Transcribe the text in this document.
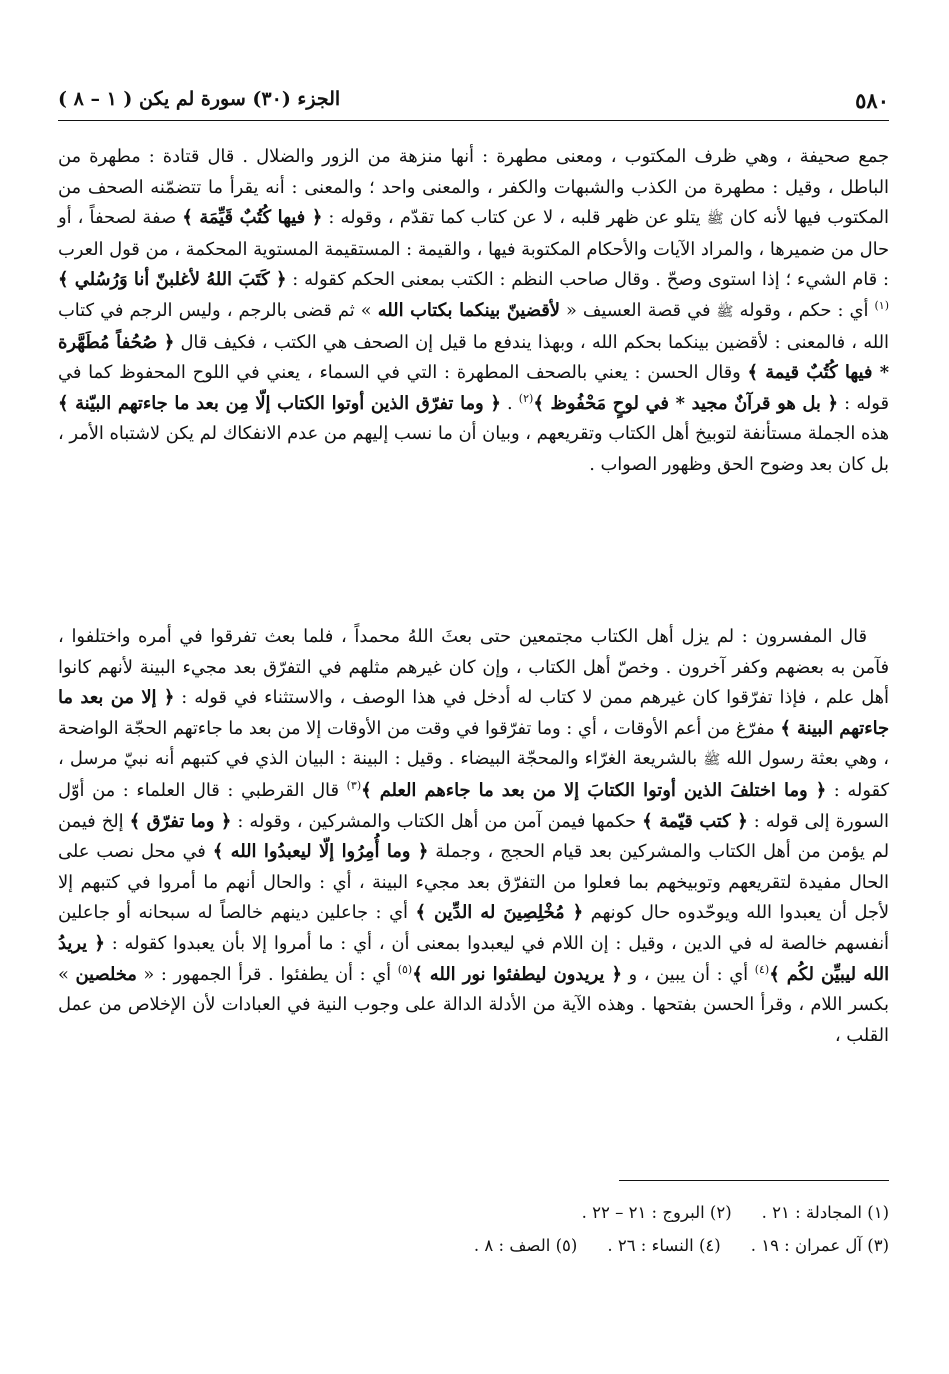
٥٨٠
الجزء (٣٠) سورة لم يكن ( ١ – ٨ )

جمع صحيفة ، وهي ظرف المكتوب ، ومعنى مطهرة : أنها منزهة من الزور والضلال . قال قتادة : مطهرة من الباطل ، وقيل : مطهرة من الكذب والشبهات والكفر ، والمعنى واحد ؛ والمعنى : أنه يقرأ ما تتضمّنه الصحف من المكتوب فيها لأنه كان ﷺ يتلو عن ظهر قلبه ، لا عن كتاب كما تقدّم ، وقوله : ﴿ فيها كُتُبٌ قَيِّمَة ﴾ صفة لصحفاً ، أو حال من ضميرها ، والمراد الآيات والأحكام المكتوبة فيها ، والقيمة : المستقيمة المستوية المحكمة ، من قول العرب : قام الشيء ؛ إذا استوى وصحّ . وقال صاحب النظم : الكتب بمعنى الحكم كقوله : ﴿ كَتَبَ اللهُ لأغلبنّ أنا وَرُسُلي ﴾$^{(١)}$ أي : حكم ، وقوله ﷺ في قصة العسيف « لأقضينّ بينكما بكتاب الله » ثم قضى بالرجم ، وليس الرجم في كتاب الله ، فالمعنى : لأقضين بينكما بحكم الله ، وبهذا يندفع ما قيل إن الصحف هي الكتب ، فكيف قال ﴿ صُحُفاً مُطَهَّرة * فيها كُتُبٌ قيمة ﴾ وقال الحسن : يعني بالصحف المطهرة : التي في السماء ، يعني في اللوح المحفوظ كما في قوله : ﴿ بل هو قرآنٌ مجيد * في لوحٍ مَحْفُوظ ﴾$^{(٢)}$ . ﴿ وما تفرّق الذين أوتوا الكتاب إلّا مِن بعد ما جاءتهم البيّنة ﴾ هذه الجملة مستأنفة لتوبيخ أهل الكتاب وتقريعهم ، وبيان أن ما نسب إليهم من عدم الانفكاك لم يكن لاشتباه الأمر ، بل كان بعد وضوح الحق وظهور الصواب .

قال المفسرون : لم يزل أهل الكتاب مجتمعين حتى بعثَ اللهُ محمداً ، فلما بعث تفرقوا في أمره واختلفوا ، فآمن به بعضهم وكفر آخرون . وخصّ أهل الكتاب ، وإن كان غيرهم مثلهم في التفرّق بعد مجيء البينة لأنهم كانوا أهل علم ، فإذا تفرّقوا كان غيرهم ممن لا كتاب له أدخل في هذا الوصف ، والاستثناء في قوله : ﴿ إلا من بعد ما جاءتهم البينة ﴾ مفرّغ من أعم الأوقات ، أي : وما تفرّقوا في وقت من الأوقات إلا من بعد ما جاءتهم الحجّة الواضحة ، وهي بعثة رسول الله ﷺ بالشريعة الغرّاء والمحجّة البيضاء . وقيل : البينة : البيان الذي في كتبهم أنه نبيّ مرسل ، كقوله : ﴿ وما اختلفَ الذين أوتوا الكتابَ إلا من بعد ما جاءهم العلم ﴾$^{(٣)}$ قال القرطبي : قال العلماء : من أوّل السورة إلى قوله : ﴿ كتب قيّمة ﴾ حكمها فيمن آمن من أهل الكتاب والمشركين ، وقوله : ﴿ وما تفرّق ﴾ إلخ فيمن لم يؤمن من أهل الكتاب والمشركين بعد قيام الحجج ، وجملة ﴿ وما أُمِرُوا إلّا ليعبدُوا الله ﴾ في محل نصب على الحال مفيدة لتقريعهم وتوبيخهم بما فعلوا من التفرّق بعد مجيء البينة ، أي : والحال أنهم ما أمروا في كتبهم إلا لأجل أن يعبدوا الله ويوحّدوه حال كونهم ﴿ مُخْلِصِينَ له الدِّين ﴾ أي : جاعلين دينهم خالصاً له سبحانه أو جاعلين أنفسهم خالصة له في الدين ، وقيل : إن اللام في ليعبدوا بمعنى أن ، أي : ما أمروا إلا بأن يعبدوا كقوله : ﴿ يريدُ الله ليبيِّن لكُم ﴾$^{(٤)}$ أي : أن يبين ، و ﴿ يريدون ليطفئوا نور الله ﴾$^{(٥)}$ أي : أن يطفئوا . قرأ الجمهور : « مخلصين » بكسر اللام ، وقرأ الحسن بفتحها . وهذه الآية من الأدلة الدالة على وجوب النية في العبادات لأن الإخلاص من عمل القلب ،

(١) المجادلة : ٢١ .(٢) البروج : ٢١ – ٢٢ .
(٣) آل عمران : ١٩ .(٤) النساء : ٢٦ .(٥) الصف : ٨ .
